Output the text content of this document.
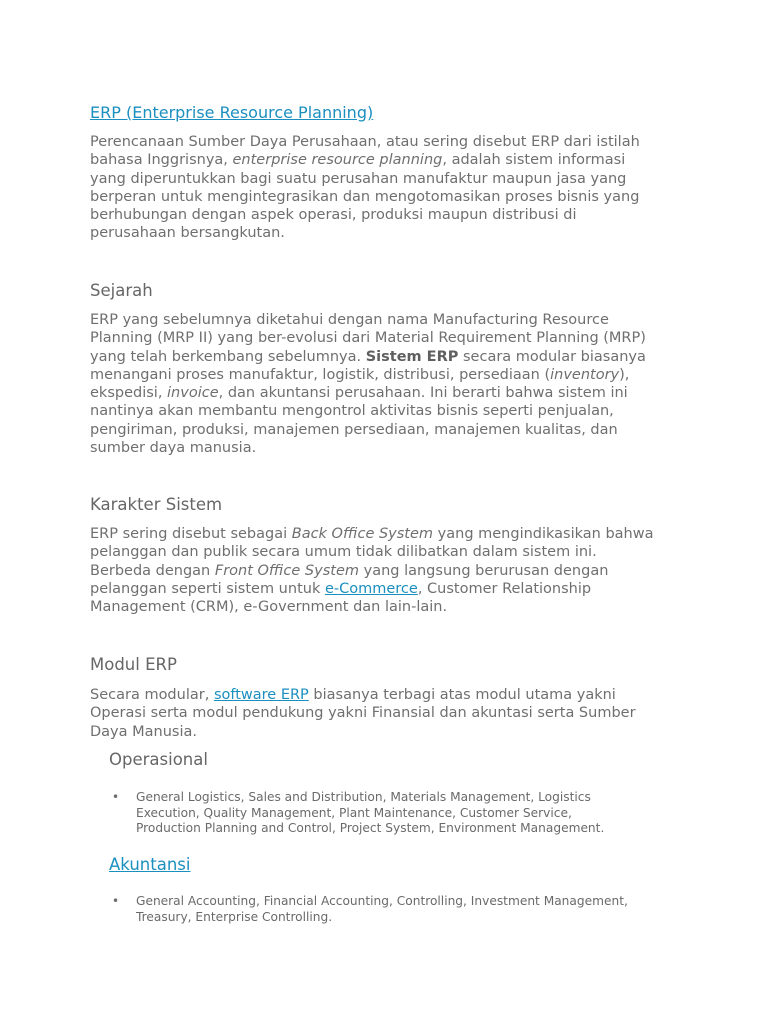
ERP (Enterprise Resource Planning)

Perencanaan Sumber Daya Perusahaan, atau sering disebut ERP dari istilah
bahasa Inggrisnya, enterprise resource planning, adalah sistem informasi
yang diperuntukkan bagi suatu perusahan manufaktur maupun jasa yang
berperan untuk mengintegrasikan dan mengotomasikan proses bisnis yang
berhubungan dengan aspek operasi, produksi maupun distribusi di
perusahaan bersangkutan.

Sejarah

ERP yang sebelumnya diketahui dengan nama Manufacturing Resource
Planning (MRP II) yang ber-evolusi dari Material Requirement Planning (MRP)
yang telah berkembang sebelumnya. Sistem ERP secara modular biasanya
menangani proses manufaktur, logistik, distribusi, persediaan (inventory),
ekspedisi, invoice, dan akuntansi perusahaan. Ini berarti bahwa sistem ini
nantinya akan membantu mengontrol aktivitas bisnis seperti penjualan,
pengiriman, produksi, manajemen persediaan, manajemen kualitas, dan
sumber daya manusia.

Karakter Sistem

ERP sering disebut sebagai Back Office System yang mengindikasikan bahwa
pelanggan dan publik secara umum tidak dilibatkan dalam sistem ini.
Berbeda dengan Front Office System yang langsung berurusan dengan
pelanggan seperti sistem untuk e-Commerce, Customer Relationship
Management (CRM), e-Government dan lain-lain.

Modul ERP

Secara modular, software ERP biasanya terbagi atas modul utama yakni
Operasi serta modul pendukung yakni Finansial dan akuntasi serta Sumber
Daya Manusia.

Operasional
• General Logistics, Sales and Distribution, Materials Management, Logistics
Execution, Quality Management, Plant Maintenance, Customer Service,
Production Planning and Control, Project System, Environment Management.
Akuntansi
• General Accounting, Financial Accounting, Controlling, Investment Management,
Treasury, Enterprise Controlling.
